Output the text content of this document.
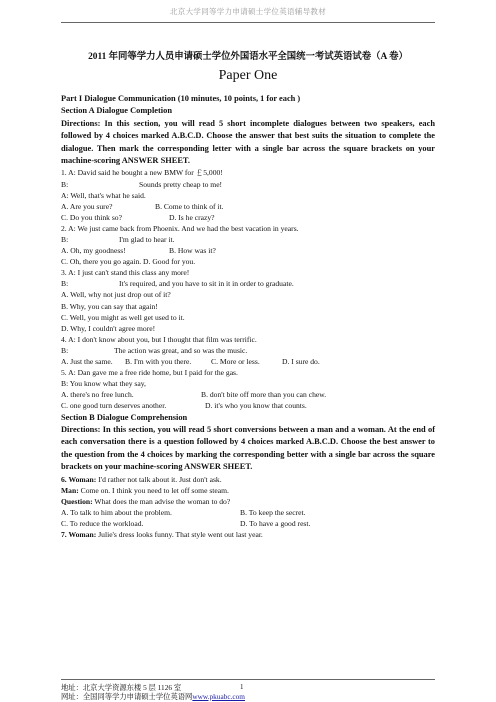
北京大学同等学力申请硕士学位英语辅导教材
2011 年同等学力人员申请硕士学位外国语水平全国统一考试英语试卷（A 卷）
Paper One
Part I Dialogue Communication (10 minutes, 10 points, 1 for each )
Section A Dialogue Completion
Directions: In this section, you will read 5 short incomplete dialogues between two speakers, each followed by 4 choices marked A.B.C.D. Choose the answer that best suits the situation to complete the dialogue. Then mark the corresponding letter with a single bar across the square brackets on your machine-scoring ANSWER SHEET.
1. A: David said he bought a new BMW for ￡5,000!
B:	Sounds pretty cheap to me!
A: Well, that's what he said.
A. Are you sure?	B. Come to think of it.
C. Do you think so?	D. Is he crazy?
2. A: We just came back from Phoenix. And we had the best vacation in years.
B:	I'm glad to hear it.
A. Oh, my goodness!	B. How was it?
C. Oh, there you go again. D. Good for you.
3. A: I just can't stand this class any more!
B:	It's required, and you have to sit in it in order to graduate.
A. Well, why not just drop out of it?
B. Why, you can say that again!
C. Well, you might as well get used to it.
D. Why, I couldn't agree more!
4. A: I don't know about you, but I thought that film was terrific.
B:	The action was great, and so was the music.
A. Just the same. B. I'm with you there.	C. More or less.	D. I sure do.
5. A: Dan gave me a free ride home, but I paid for the gas.
B: You know what they say,
A. there's no free lunch.	B. don't bite off more than you can chew.
C. one good turn deserves another.	D. it's who you know that counts.
Section B Dialogue Comprehension
Directions: In this section, you will read 5 short conversions between a man and a woman. At the end of each conversation there is a question followed by 4 choices marked A.B.C.D. Choose the best answer to the question from the 4 choices by marking the corresponding better with a single bar across the square brackets on your machine-scoring ANSWER SHEET.
6. Woman: I'd rather not talk about it. Just don't ask.
Man: Come on. I think you need to let off some steam.
Question: What does the man advise the woman to do?
A. To talk to him about the problem.	B. To keep the secret.
C. To reduce the workload.	D. To have a good rest.
7. Woman: Julie's dress looks funny. That style went out last year.
地址：北京大学资源东楼 5 层 1126 室	1
网址：全国同等学力申请硕士学位英语网www.pkuabc.com
